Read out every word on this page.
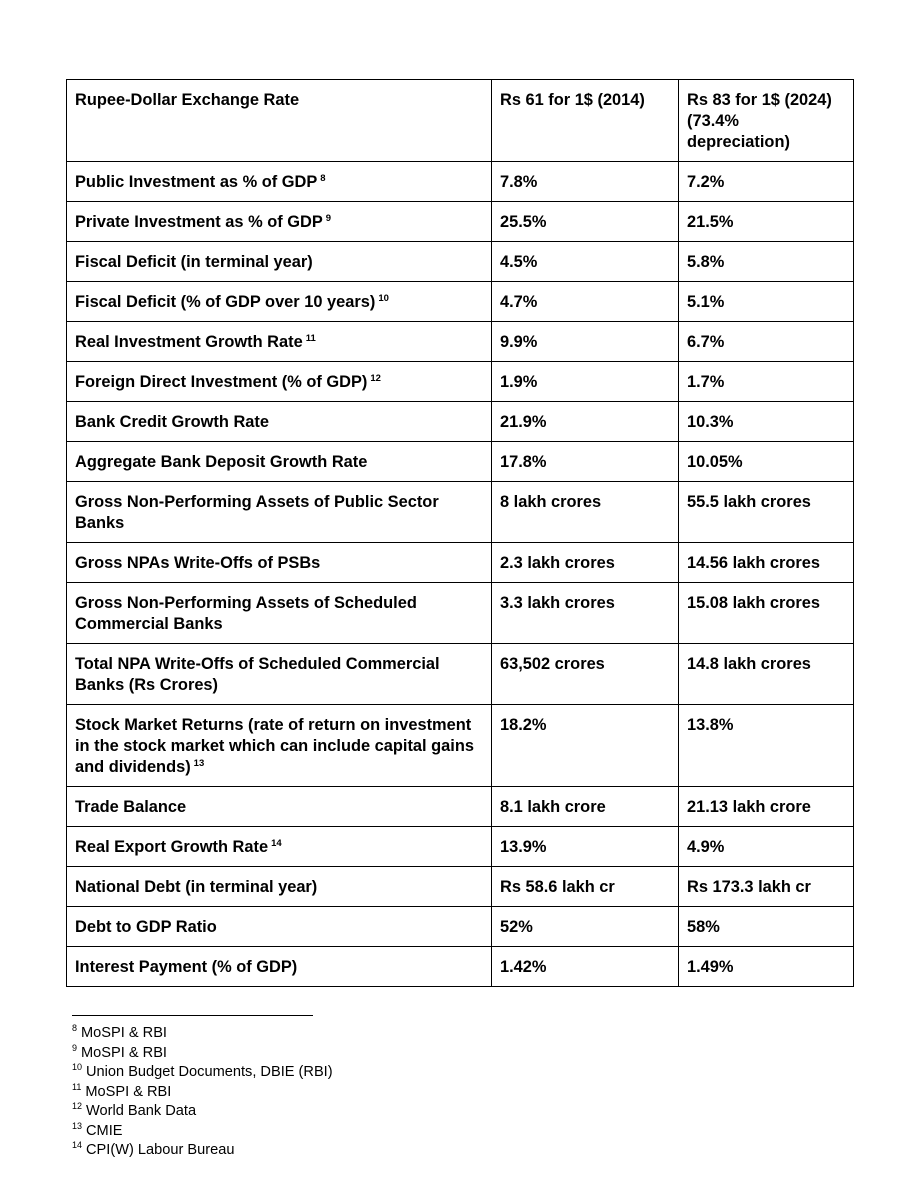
Rupee-Dollar Exchange Rate	Rs 61 for 1$ (2014)	Rs 83 for 1$ (2024) (73.4% depreciation)
Public Investment as % of GDP $^8$	7.8%	7.2%
Private Investment as % of GDP $^9$	25.5%	21.5%
Fiscal Deficit (in terminal year)	4.5%	5.8%
Fiscal Deficit (% of GDP over 10 years) $^{10}$	4.7%	5.1%
Real Investment Growth Rate $^{11}$	9.9%	6.7%
Foreign Direct Investment (% of GDP) $^{12}$	1.9%	1.7%
Bank Credit Growth Rate	21.9%	10.3%
Aggregate Bank Deposit Growth Rate	17.8%	10.05%
Gross Non-Performing Assets of Public Sector Banks	8 lakh crores	55.5 lakh crores
Gross NPAs Write-Offs of PSBs	2.3 lakh crores	14.56 lakh crores
Gross Non-Performing Assets of Scheduled Commercial Banks	3.3 lakh crores	15.08 lakh crores
Total NPA Write-Offs of Scheduled Commercial Banks (Rs Crores)	63,502 crores	14.8 lakh crores
Stock Market Returns (rate of return on investment in the stock market which can include capital gains and dividends) $^{13}$	18.2%	13.8%
Trade Balance	8.1 lakh crore	21.13 lakh crore
Real Export Growth Rate $^{14}$	13.9%	4.9%
National Debt (in terminal year)	Rs 58.6 lakh cr	Rs 173.3 lakh cr
Debt to GDP Ratio	52%	58%
Interest Payment (% of GDP)	1.42%	1.49%
$^8$ MoSPI & RBI
$^9$ MoSPI & RBI
$^{10}$ Union Budget Documents, DBIE (RBI)
$^{11}$ MoSPI & RBI
$^{12}$ World Bank Data
$^{13}$ CMIE
$^{14}$ CPI(W) Labour Bureau
